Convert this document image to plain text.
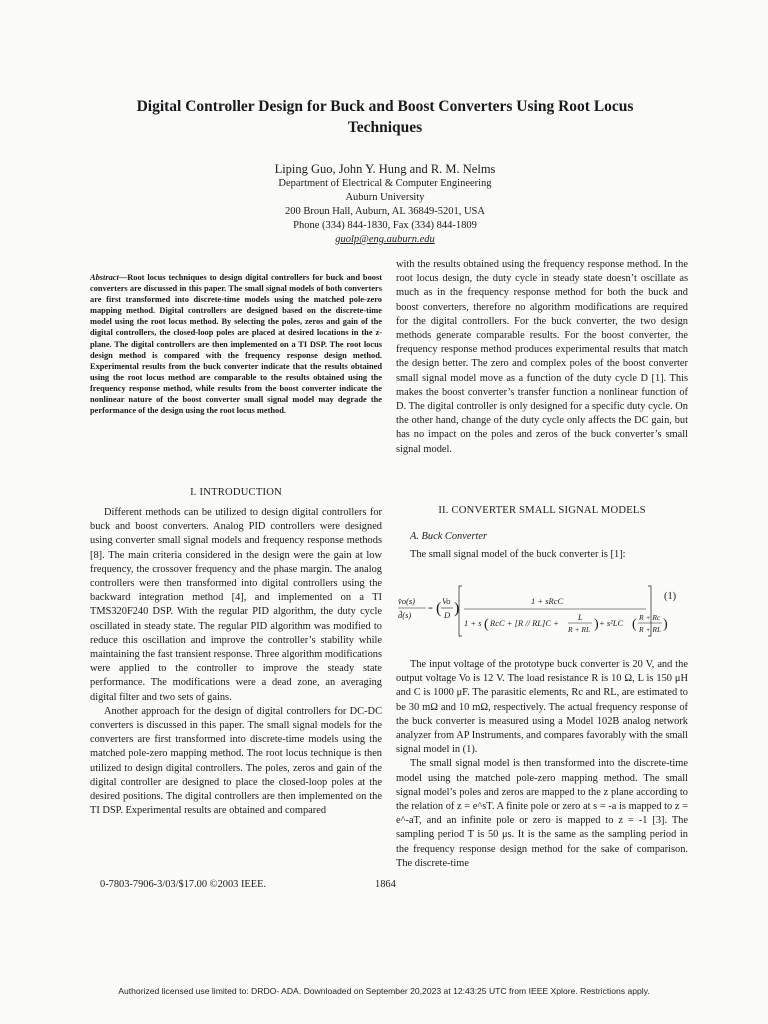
Digital Controller Design for Buck and Boost Converters Using Root Locus Techniques
Liping Guo, John Y. Hung and R. M. Nelms
Department of Electrical & Computer Engineering
Auburn University
200 Broun Hall, Auburn, AL 36849-5201, USA
Phone (334) 844-1830, Fax (334) 844-1809
guolp@eng.auburn.edu
Abstract—Root locus techniques to design digital controllers for buck and boost converters are discussed in this paper. The small signal models of both converters are first transformed into discrete-time models using the matched pole-zero mapping method. Digital controllers are designed based on the discrete-time model using the root locus method. By selecting the poles, zeros and gain of the digital controllers, the closed-loop poles are placed at desired locations in the z-plane. The digital controllers are then implemented on a TI DSP. The root locus design method is compared with the frequency response design method. Experimental results from the buck converter indicate that the results obtained using the root locus method are comparable to the results obtained using the frequency response method, while results from the boost converter indicate the nonlinear nature of the boost converter small signal model may degrade the performance of the design using the root locus method.
I. INTRODUCTION

Different methods can be utilized to design digital controllers for buck and boost converters. Analog PID controllers were designed using converter small signal models and frequency response methods [8]. The main criteria considered in the design were the gain at low frequency, the crossover frequency and the phase margin. The analog controllers were then transformed into digital controllers using the backward integration method [4], and implemented on a TI TMS320F240 DSP. With the regular PID algorithm, the duty cycle oscillated in steady state. The regular PID algorithm was modified to reduce this oscillation and improve the controller’s stability while maintaining the fast transient response. Three algorithm modifications were applied to the controller to improve the steady state performance. The modifications were a dead zone, an averaging digital filter and two sets of gains.

Another approach for the design of digital controllers for DC-DC converters is discussed in this paper. The small signal models for the converters are first transformed into discrete-time models using the matched pole-zero mapping method. The root locus technique is then utilized to design digital controllers. The poles, zeros and gain of the digital controller are designed to place the closed-loop poles at the desired positions. The digital controllers are then implemented on the TI DSP. Experimental results are obtained and compared

with the results obtained using the frequency response method. In the root locus design, the duty cycle in steady state doesn’t oscillate as much as in the frequency response method for both the buck and boost converters, therefore no algorithm modifications are required for the digital controllers. For the buck converter, the two design methods generate comparable results. For the boost converter, the frequency response method produces experimental results that match the design better. The zero and complex poles of the boost converter small signal model move as a function of the duty cycle D [1]. This makes the boost converter’s transfer function a nonlinear function of D. The digital controller is only designed for a specific duty cycle. On the other hand, change of the duty cycle only affects the DC gain, but has no impact on the poles and zeros of the buck converter’s small signal model.

II. CONVERTER SMALL SIGNAL MODELS
A. Buck Converter

The small signal model of the buck converter is [1]:

v̂o(s)
d̂(s)
= ( Vo
D )	1 + sRcC
1 + s ( RcC + [R // RL]C +
L
R + RL ) + s²LC ( R + Rc
R + RL )
(1)

The input voltage of the prototype buck converter is 20 V, and the output voltage Vo is 12 V. The load resistance R is 10 Ω, L is 150 μH and C is 1000 μF. The parasitic elements, Rc and RL, are estimated to be 30 mΩ and 10 mΩ, respectively. The actual frequency response of the buck converter is measured using a Model 102B analog network analyzer from AP Instruments, and compares favorably with the small signal model in (1).

The small signal model is then transformed into the discrete-time model using the matched pole-zero mapping method. The small signal model’s poles and zeros are mapped to the z plane according to the relation of z = e^sT. A finite pole or zero at s = -a is mapped to z = e^-aT, and an infinite pole or zero is mapped to z = -1 [3]. The sampling period T is 50 μs. It is the same as the sampling period in the frequency response design method for the sake of comparison. The discrete-time

0-7803-7906-3/03/$17.00 ©2003 IEEE.	1864
Authorized licensed use limited to: DRDO- ADA. Downloaded on September 20,2023 at 12:43:25 UTC from IEEE Xplore. Restrictions apply.
